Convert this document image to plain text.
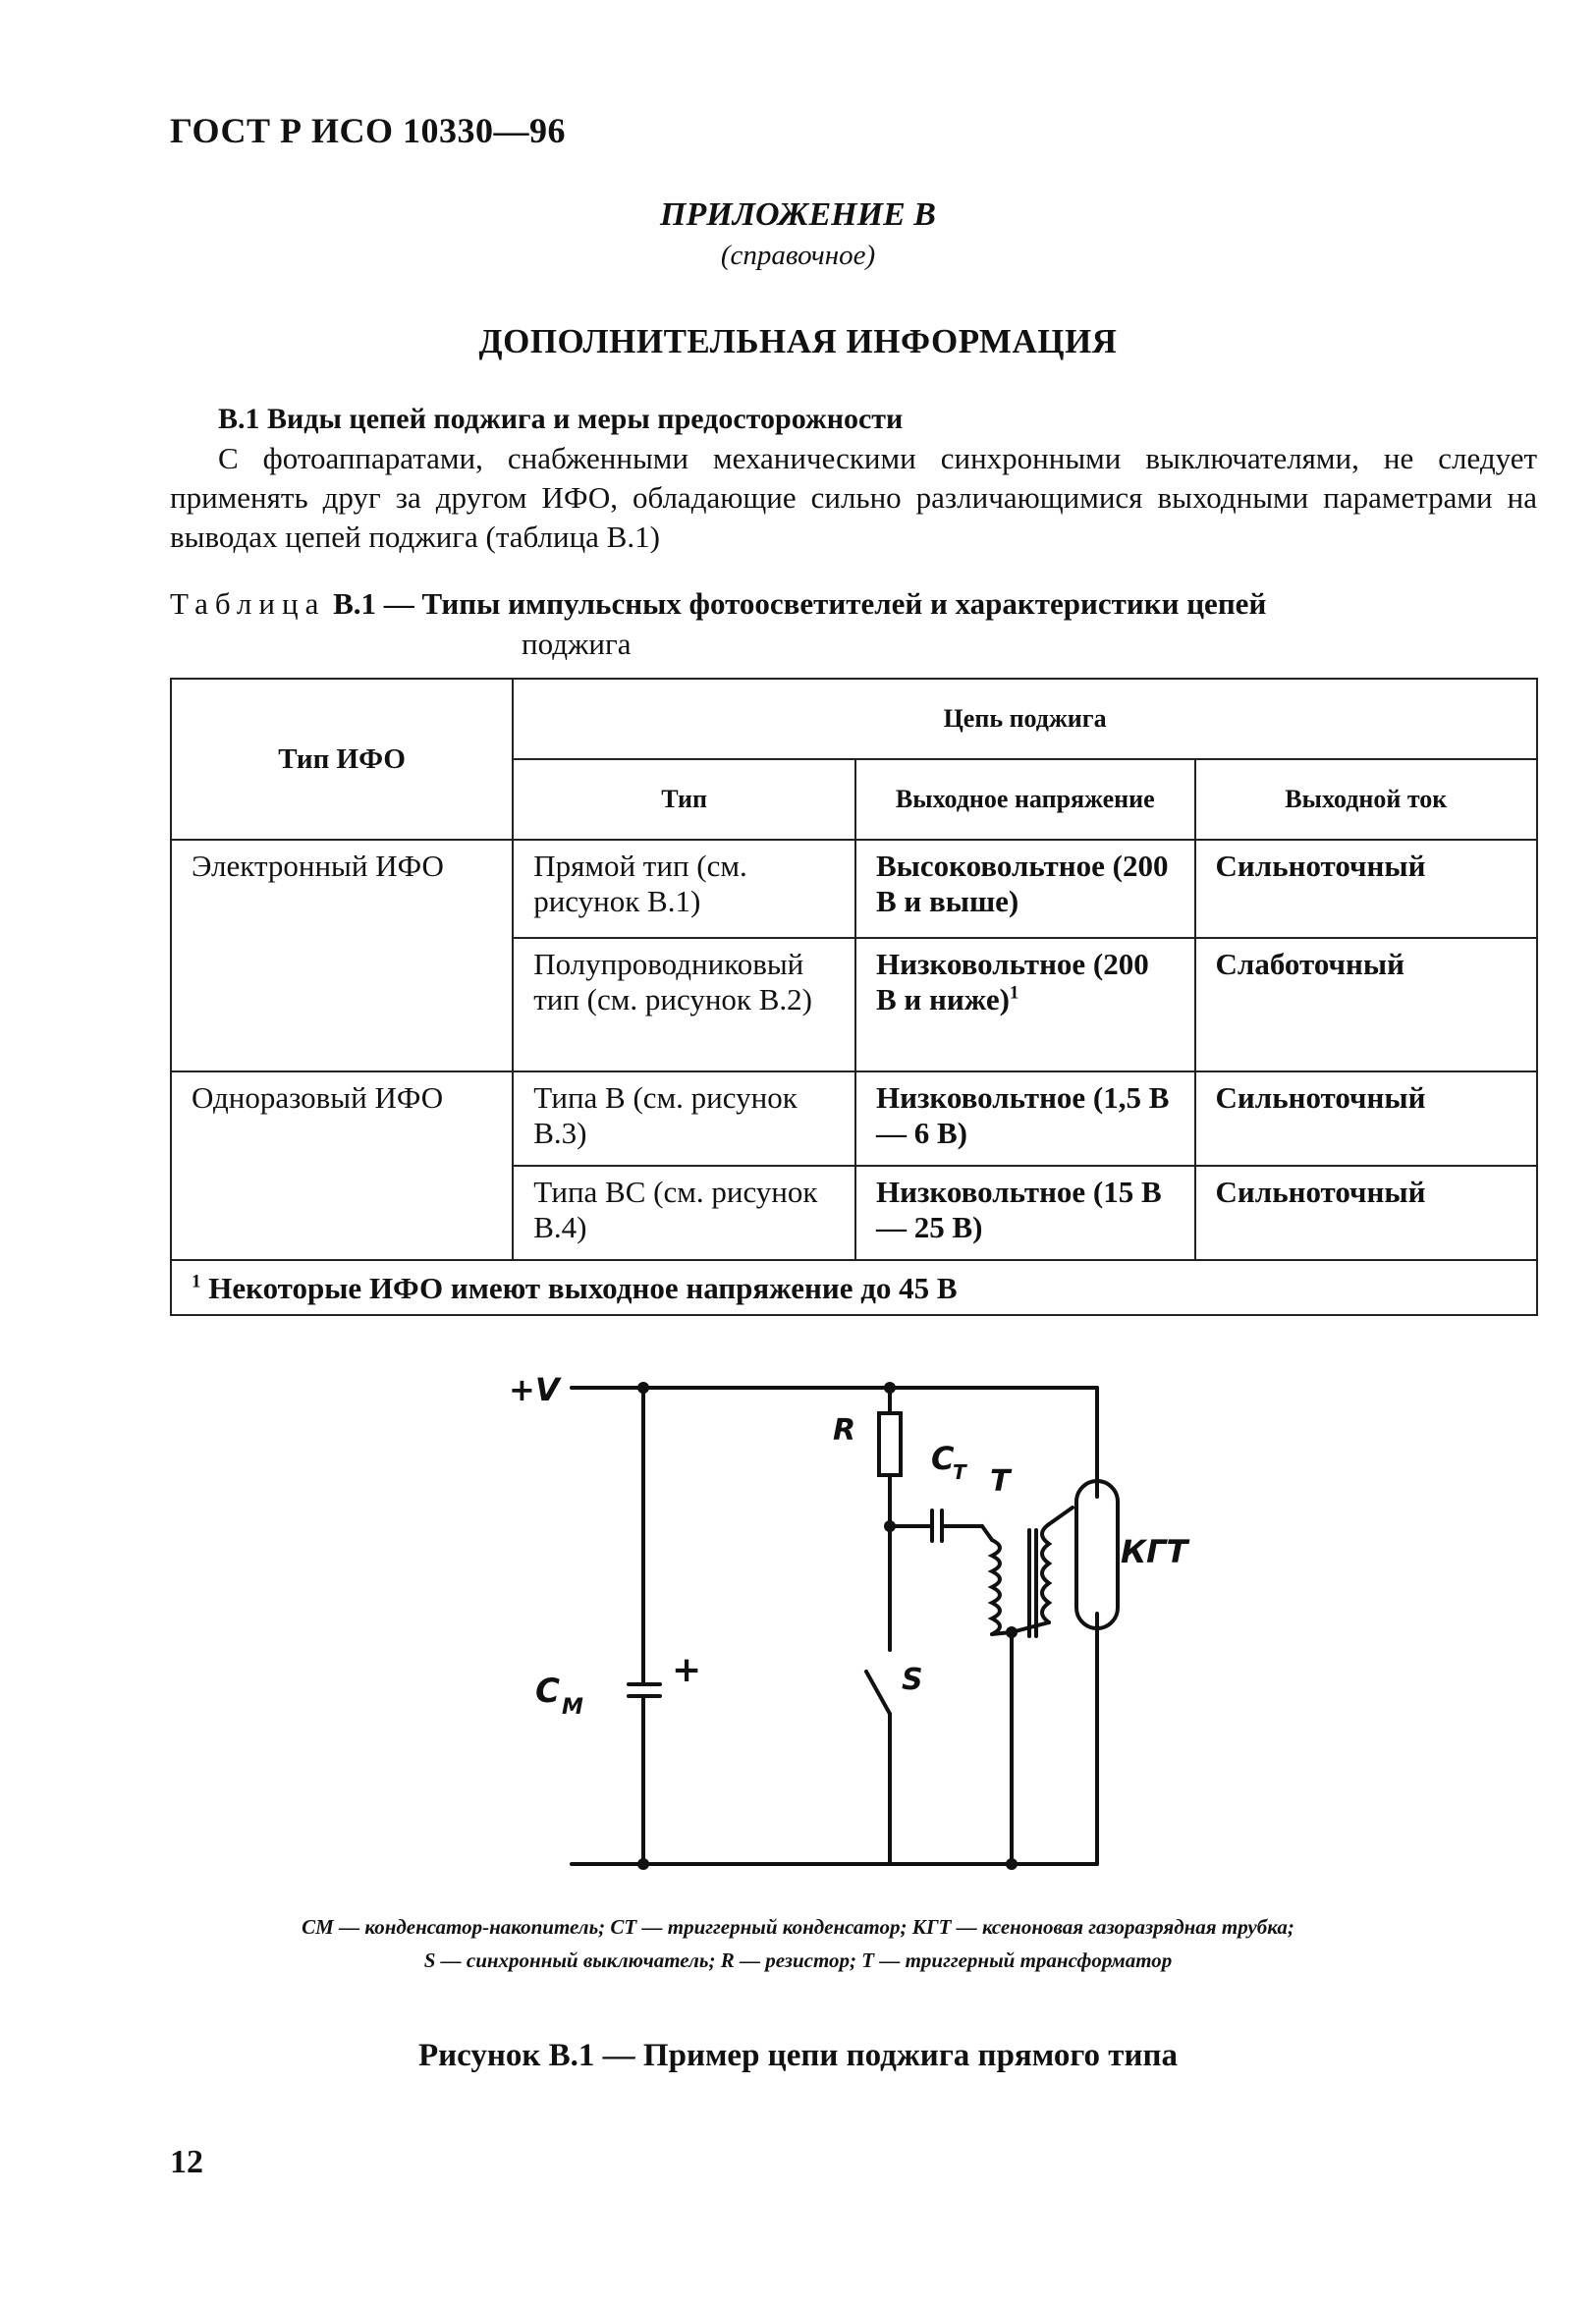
ГОСТ Р ИСО 10330—96
ПРИЛОЖЕНИЕ В
(справочное)
ДОПОЛНИТЕЛЬНАЯ ИНФОРМАЦИЯ
В.1 Виды цепей поджига и меры предосторожности
С фотоаппаратами, снабженными механическими синхронными выключателями, не следует применять друг за другом ИФО, обладающие сильно различающимися выходными параметрами на выводах цепей поджига (таблица В.1)
Таблица В.1 — Типы импульсных фотоосветителей и характеристики цепей
поджига
Тип ИФО	Цепь поджига		
	Тип	Выходное напряжение	Выходной ток
Электронный ИФО	Прямой тип (см. рисунок В.1)	Высоковольтное (200 В и выше)	Сильноточный
	Полупроводниковый тип (см. рисунок В.2)	Низковольтное (200 В и ниже)$^1$	Слаботочный
Одноразовый ИФО	Типа В (см. рисунок В.3)	Низковольтное (1,5 В — 6 В)	Сильноточный
	Типа ВС (см. рисунок В.4)	Низковольтное (15 В — 25 В)	Сильноточный
$^1$ Некоторые ИФО имеют выходное напряжение до 45 В			
+V
R
C
T T
КГТ
C M
+	S
CМ — конденсатор-накопитель; CТ — триггерный конденсатор; КГТ — ксеноновая газоразрядная трубка; S — синхронный выключатель; R — резистор; T — триггерный трансформатор
Рисунок В.1 — Пример цепи поджига прямого типа
12
